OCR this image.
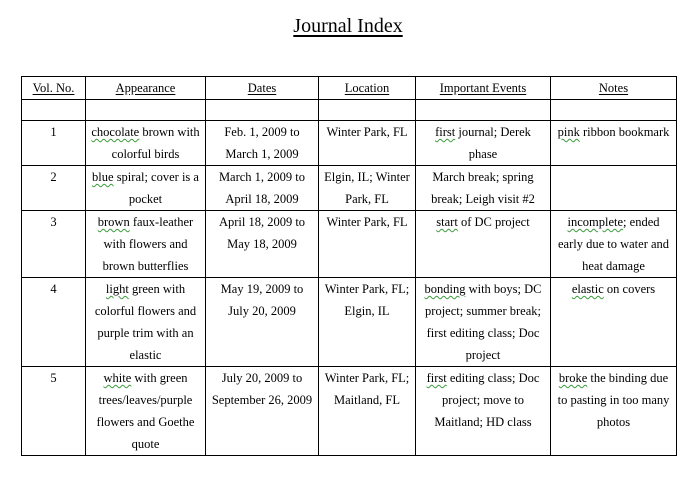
Journal Index
Vol. No.	Appearance	Dates	Location	Important Events	Notes

1	chocolate brown with colorful birds	Feb. 1, 2009 to March 1, 2009	Winter Park, FL	first journal; Derek phase	pink ribbon bookmark
2	blue spiral; cover is a pocket	March 1, 2009 to April 18, 2009	Elgin, IL; Winter Park, FL	March break; spring break; Leigh visit #2	
3	brown faux-leather with flowers and brown butterflies	April 18, 2009 to May 18, 2009	Winter Park, FL	start of DC project	incomplete; ended early due to water and heat damage
4	light green with colorful flowers and purple trim with an elastic	May 19, 2009 to July 20, 2009	Winter Park, FL; Elgin, IL	bonding with boys; DC project; summer break; first editing class; Doc project	elastic on covers
5	white with green trees/leaves/purple flowers and Goethe quote	July 20, 2009 to September 26, 2009	Winter Park, FL; Maitland, FL	first editing class; Doc project; move to Maitland; HD class	broke the binding due to pasting in too many photos
